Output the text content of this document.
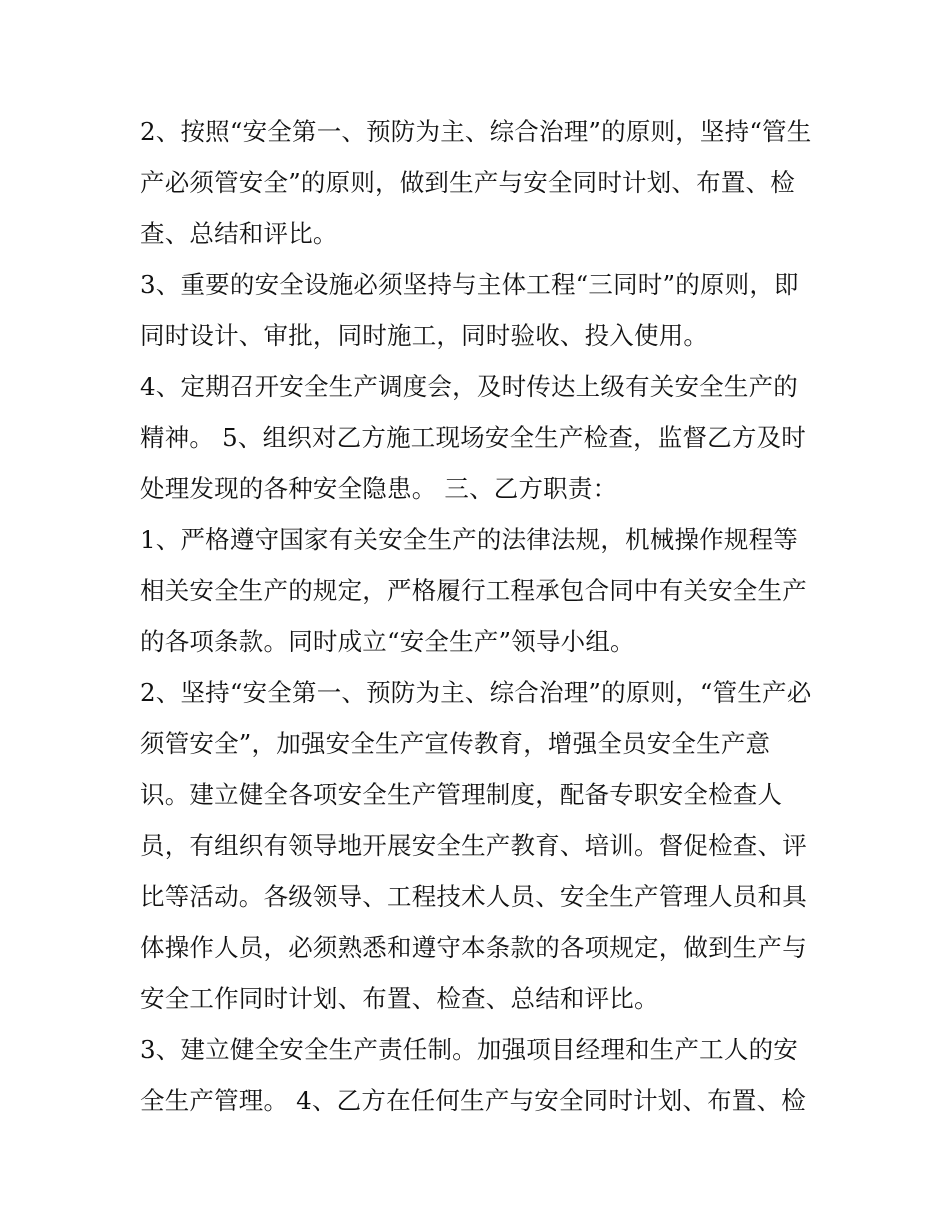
2、按照“安全第一、预防为主、综合治理”的原则，坚持“管生

产必须管安全”的原则，做到生产与安全同时计划、布置、检

查、总结和评比。

3、重要的安全设施必须坚持与主体工程“三同时”的原则，即

同时设计、审批，同时施工，同时验收、投入使用。

4、定期召开安全生产调度会，及时传达上级有关安全生产的

精神。 5、组织对乙方施工现场安全生产检查，监督乙方及时

处理发现的各种安全隐患。 三、乙方职责：

1、严格遵守国家有关安全生产的法律法规，机械操作规程等

相关安全生产的规定，严格履行工程承包合同中有关安全生产

的各项条款。同时成立“安全生产”领导小组。

2、坚持“安全第一、预防为主、综合治理”的原则，“管生产必

须管安全”，加强安全生产宣传教育，增强全员安全生产意

识。建立健全各项安全生产管理制度，配备专职安全检查人

员，有组织有领导地开展安全生产教育、培训。督促检查、评

比等活动。各级领导、工程技术人员、安全生产管理人员和具

体操作人员，必须熟悉和遵守本条款的各项规定，做到生产与

安全工作同时计划、布置、检查、总结和评比。

3、建立健全安全生产责任制。加强项目经理和生产工人的安

全生产管理。 4、乙方在任何生产与安全同时计划、布置、检
